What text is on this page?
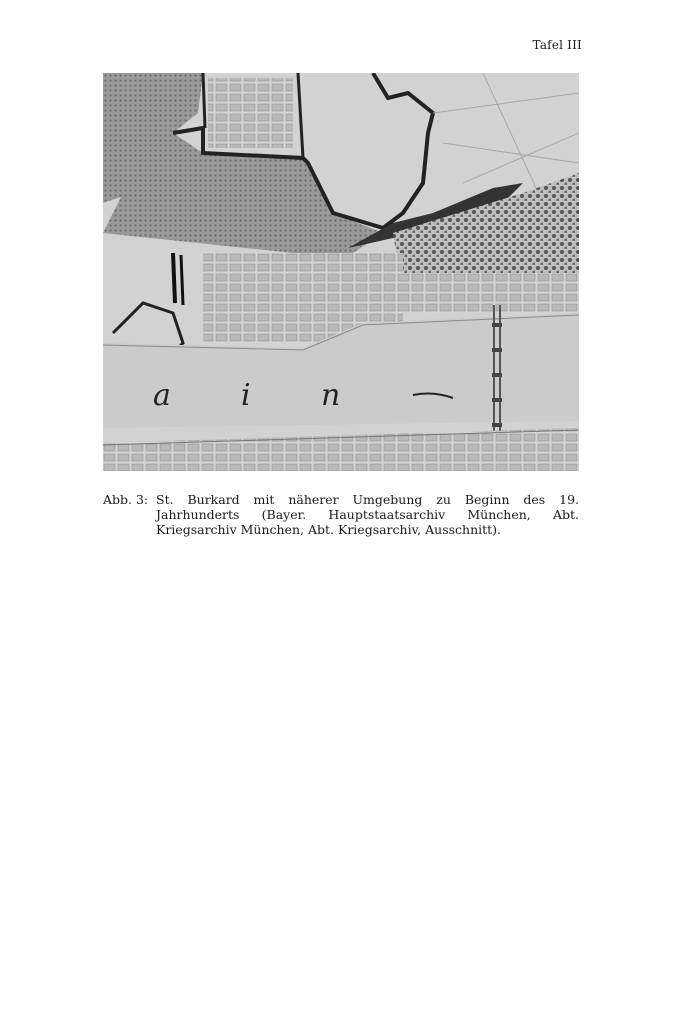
Tafel III
a i n
Abb. 3: St. Burkard mit näherer Umgebung zu Beginn des 19. Jahrhunderts (Bayer. Hauptstaatsarchiv München, Abt. Kriegsarchiv München, Abt. Kriegsarchiv, Ausschnitt).
